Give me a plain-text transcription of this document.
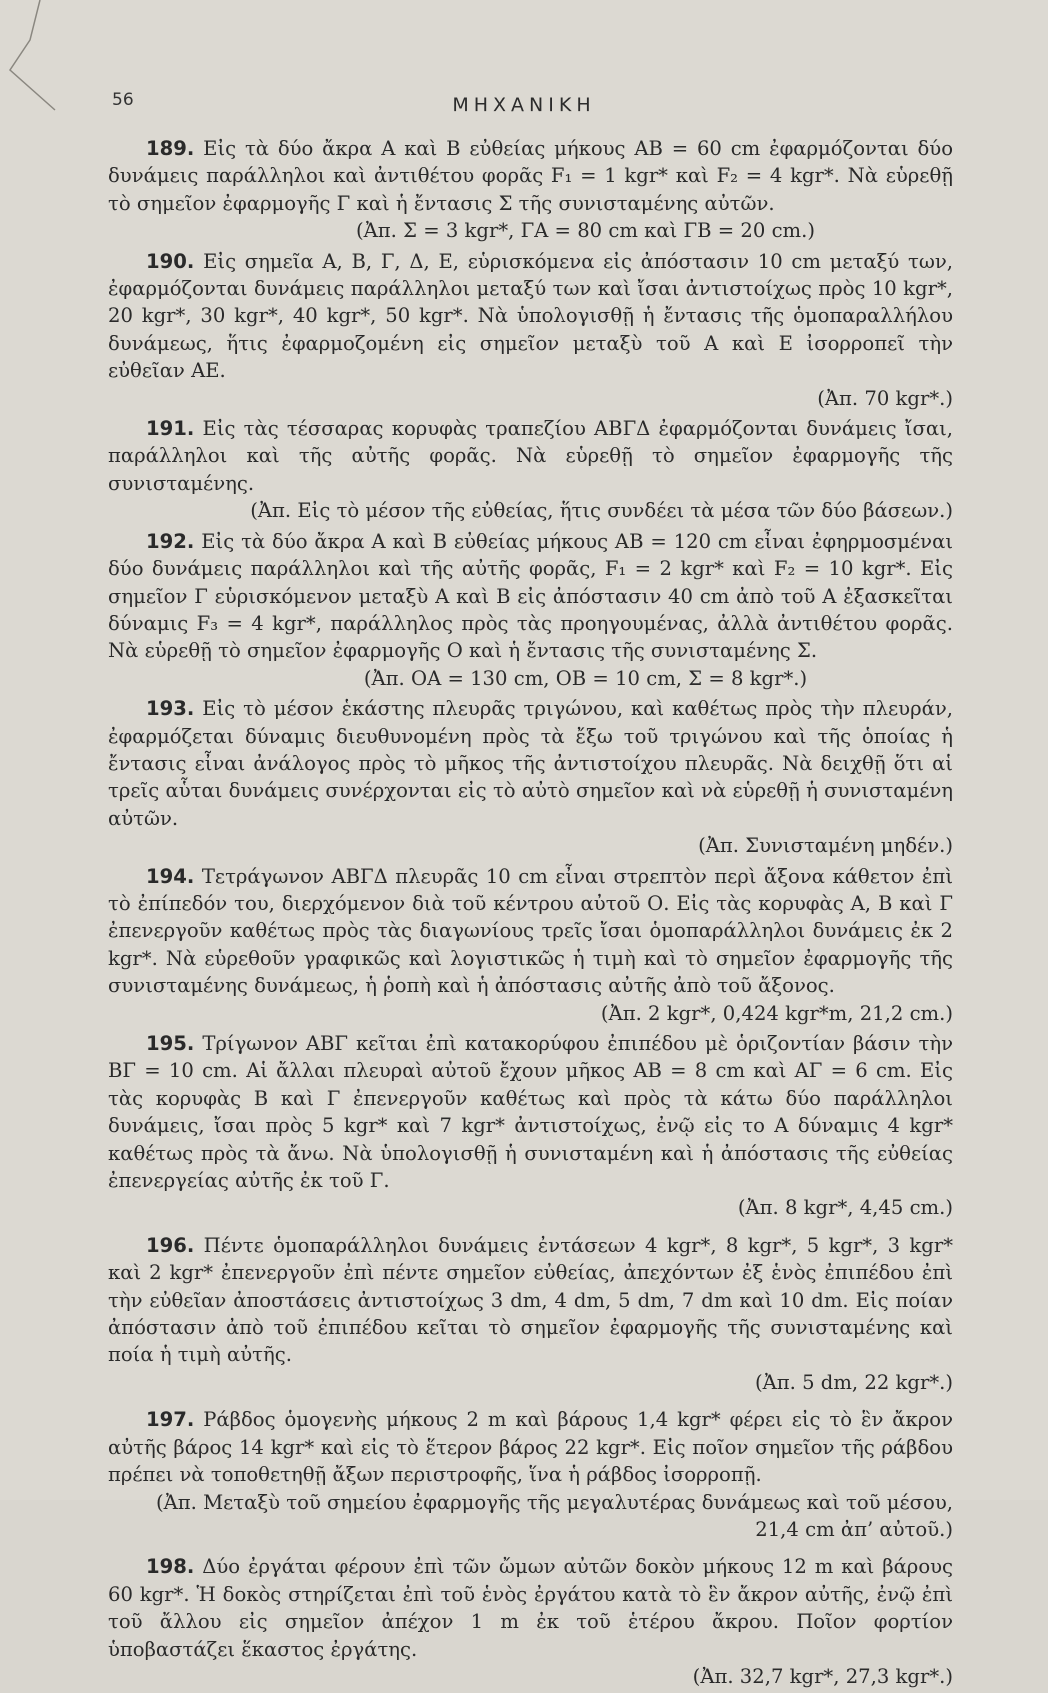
56	ΜΗΧΑΝΙΚΗ

189. Εἰς τὰ δύο ἄκρα Α καὶ Β εὐθείας μήκους ΑΒ = 60 cm ἐφαρμόζονται δύο δυνάμεις παράλληλοι καὶ ἀντιθέτου φορᾶς F₁ = 1 kgr* καὶ F₂ = 4 kgr*. Νὰ εὑρεθῇ τὸ σημεῖον ἐφαρμογῆς Γ καὶ ἡ ἔντασις Σ τῆς συνισταμένης αὐτῶν.
(Ἀπ. Σ = 3 kgr*, ΓΑ = 80 cm καὶ ΓΒ = 20 cm.)

190. Εἰς σημεῖα Α, Β, Γ, Δ, Ε, εὑρισκόμενα εἰς ἀπόστασιν 10 cm μεταξύ των, ἐφαρμόζονται δυνάμεις παράλληλοι μεταξύ των καὶ ἴσαι ἀντιστοίχως πρὸς 10 kgr*, 20 kgr*, 30 kgr*, 40 kgr*, 50 kgr*. Νὰ ὑπολογισθῇ ἡ ἔντασις τῆς ὁμοπαραλλήλου δυνάμεως, ἥτις ἐφαρμοζομένη εἰς σημεῖον μεταξὺ τοῦ Α καὶ Ε ἰσορροπεῖ τὴν εὐθεῖαν ΑΕ.
(Ἀπ. 70 kgr*.)

191. Εἰς τὰς τέσσαρας κορυφὰς τραπεζίου ΑΒΓΔ ἐφαρμόζονται δυνάμεις ἴσαι, παράλληλοι καὶ τῆς αὐτῆς φορᾶς. Νὰ εὑρεθῇ τὸ σημεῖον ἐφαρμογῆς τῆς συνισταμένης.
(Ἀπ. Εἰς τὸ μέσον τῆς εὐθείας, ἥτις συνδέει τὰ μέσα τῶν δύο βάσεων.)

192. Εἰς τὰ δύο ἄκρα Α καὶ Β εὐθείας μήκους ΑΒ = 120 cm εἶναι ἐφηρμοσμέναι δύο δυνάμεις παράλληλοι καὶ τῆς αὐτῆς φορᾶς, F₁ = 2 kgr* καὶ F₂ = 10 kgr*. Εἰς σημεῖον Γ εὑρισκόμενον μεταξὺ Α καὶ Β εἰς ἀπόστασιν 40 cm ἀπὸ τοῦ Α ἐξασκεῖται δύναμις F₃ = 4 kgr*, παράλληλος πρὸς τὰς προηγουμένας, ἀλλὰ ἀντιθέτου φορᾶς. Νὰ εὑρεθῇ τὸ σημεῖον ἐφαρμογῆς Ο καὶ ἡ ἔντασις τῆς συνισταμένης Σ.
(Ἀπ. ΟΑ = 130 cm, ΟΒ = 10 cm, Σ = 8 kgr*.)

193. Εἰς τὸ μέσον ἑκάστης πλευρᾶς τριγώνου, καὶ καθέτως πρὸς τὴν πλευράν, ἐφαρμόζεται δύναμις διευθυνομένη πρὸς τὰ ἔξω τοῦ τριγώνου καὶ τῆς ὁποίας ἡ ἔντασις εἶναι ἀνάλογος πρὸς τὸ μῆκος τῆς ἀντιστοίχου πλευρᾶς. Νὰ δειχθῇ ὅτι αἱ τρεῖς αὗται δυνάμεις συνέρχονται εἰς τὸ αὐτὸ σημεῖον καὶ νὰ εὑρεθῇ ἡ συνισταμένη αὐτῶν.
(Ἀπ. Συνισταμένη μηδέν.)

194. Τετράγωνον ΑΒΓΔ πλευρᾶς 10 cm εἶναι στρεπτὸν περὶ ἄξονα κάθετον ἐπὶ τὸ ἐπίπεδόν του, διερχόμενον διὰ τοῦ κέντρου αὐτοῦ Ο. Εἰς τὰς κορυφὰς Α, Β καὶ Γ ἐπενεργοῦν καθέτως πρὸς τὰς διαγωνίους τρεῖς ἴσαι ὁμοπαράλληλοι δυνάμεις ἐκ 2 kgr*. Νὰ εὑρεθοῦν γραφικῶς καὶ λογιστικῶς ἡ τιμὴ καὶ τὸ σημεῖον ἐφαρμογῆς τῆς συνισταμένης δυνάμεως, ἡ ῥοπὴ καὶ ἡ ἀπόστασις αὐτῆς ἀπὸ τοῦ ἄξονος.
(Ἀπ. 2 kgr*, 0,424 kgr*m, 21,2 cm.)

195. Τρίγωνον ΑΒΓ κεῖται ἐπὶ κατακορύφου ἐπιπέδου μὲ ὁριζοντίαν βάσιν τὴν ΒΓ = 10 cm. Αἱ ἄλλαι πλευραὶ αὐτοῦ ἔχουν μῆκος ΑΒ = 8 cm καὶ ΑΓ = 6 cm. Εἰς τὰς κορυφὰς Β καὶ Γ ἐπενεργοῦν καθέτως καὶ πρὸς τὰ κάτω δύο παράλληλοι δυνάμεις, ἴσαι πρὸς 5 kgr* καὶ 7 kgr* ἀντιστοίχως, ἐνῷ εἰς το Α δύναμις 4 kgr* καθέτως πρὸς τὰ ἄνω. Νὰ ὑπολογισθῇ ἡ συνισταμένη καὶ ἡ ἀπόστασις τῆς εὐθείας ἐπενεργείας αὐτῆς ἐκ τοῦ Γ.
(Ἀπ. 8 kgr*, 4,45 cm.)

196. Πέντε ὁμοπαράλληλοι δυνάμεις ἐντάσεων 4 kgr*, 8 kgr*, 5 kgr*, 3 kgr* καὶ 2 kgr* ἐπενεργοῦν ἐπὶ πέντε σημεῖον εὐθείας, ἀπεχόντων ἐξ ἑνὸς ἐπιπέδου ἐπὶ τὴν εὐθεῖαν ἀποστάσεις ἀντιστοίχως 3 dm, 4 dm, 5 dm, 7 dm καὶ 10 dm. Εἰς ποίαν ἀπόστασιν ἀπὸ τοῦ ἐπιπέδου κεῖται τὸ σημεῖον ἐφαρμογῆς τῆς συνισταμένης καὶ ποία ἡ τιμὴ αὐτῆς.
(Ἀπ. 5 dm, 22 kgr*.)

197. Ράβδος ὁμογενὴς μήκους 2 m καὶ βάρους 1,4 kgr* φέρει εἰς τὸ ἓν ἄκρον αὐτῆς βάρος 14 kgr* καὶ εἰς τὸ ἕτερον βάρος 22 kgr*. Εἰς ποῖον σημεῖον τῆς ράβδου πρέπει νὰ τοποθετηθῇ ἄξων περιστροφῆς, ἵνα ἡ ράβδος ἰσορροπῇ.
(Ἀπ. Μεταξὺ τοῦ σημείου ἐφαρμογῆς τῆς μεγαλυτέρας δυνάμεως καὶ τοῦ μέσου, 21,4 cm ἀπ’ αὐτοῦ.)

198. Δύο ἐργάται φέρουν ἐπὶ τῶν ὤμων αὐτῶν δοκὸν μήκους 12 m καὶ βάρους 60 kgr*. Ἡ δοκὸς στηρίζεται ἐπὶ τοῦ ἑνὸς ἐργάτου κατὰ τὸ ἓν ἄκρον αὐτῆς, ἐνῷ ἐπὶ τοῦ ἄλλου εἰς σημεῖον ἀπέχον 1 m ἐκ τοῦ ἑτέρου ἄκρου. Ποῖον φορτίον ὑποβαστάζει ἕκαστος ἐργάτης.
(Ἀπ. 32,7 kgr*, 27,3 kgr*.)
